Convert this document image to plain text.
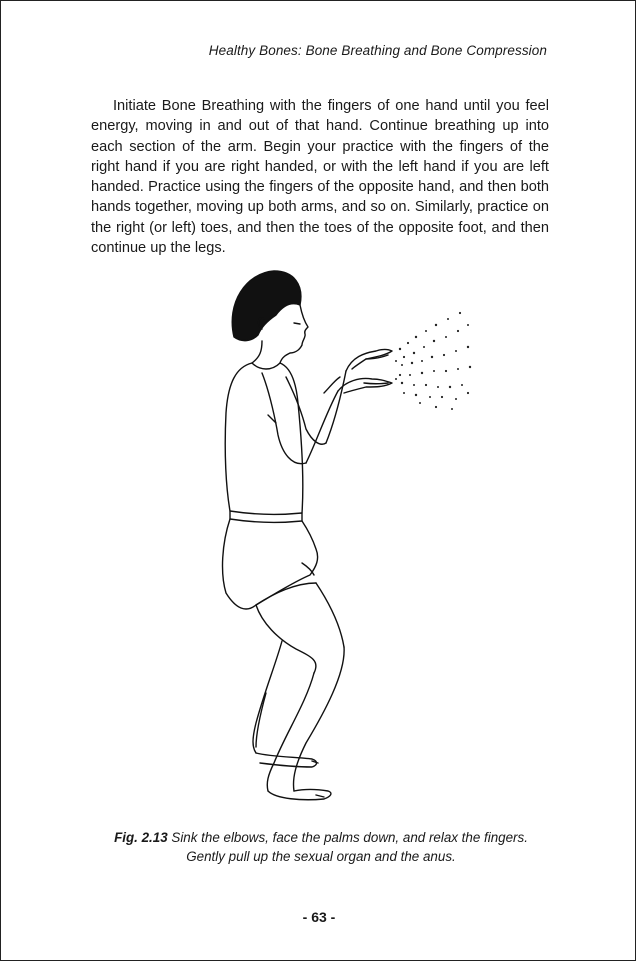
Healthy Bones: Bone Breathing and Bone Compression

Initiate Bone Breathing with the fingers of one hand until you feel energy, moving in and out of that hand. Continue breathing up into each section of the arm. Begin your practice with the fingers of the right hand if you are right handed, or with the left hand if you are left handed. Practice using the fingers of the opposite hand, and then both hands together, moving up both arms, and so on. Similarly, practice on the right (or left) toes, and then the toes of the opposite foot, and then continue up the legs.

Fig. 2.13 Sink the elbows, face the palms down, and relax the fingers.
Gently pull up the sexual organ and the anus.
- 63 -
